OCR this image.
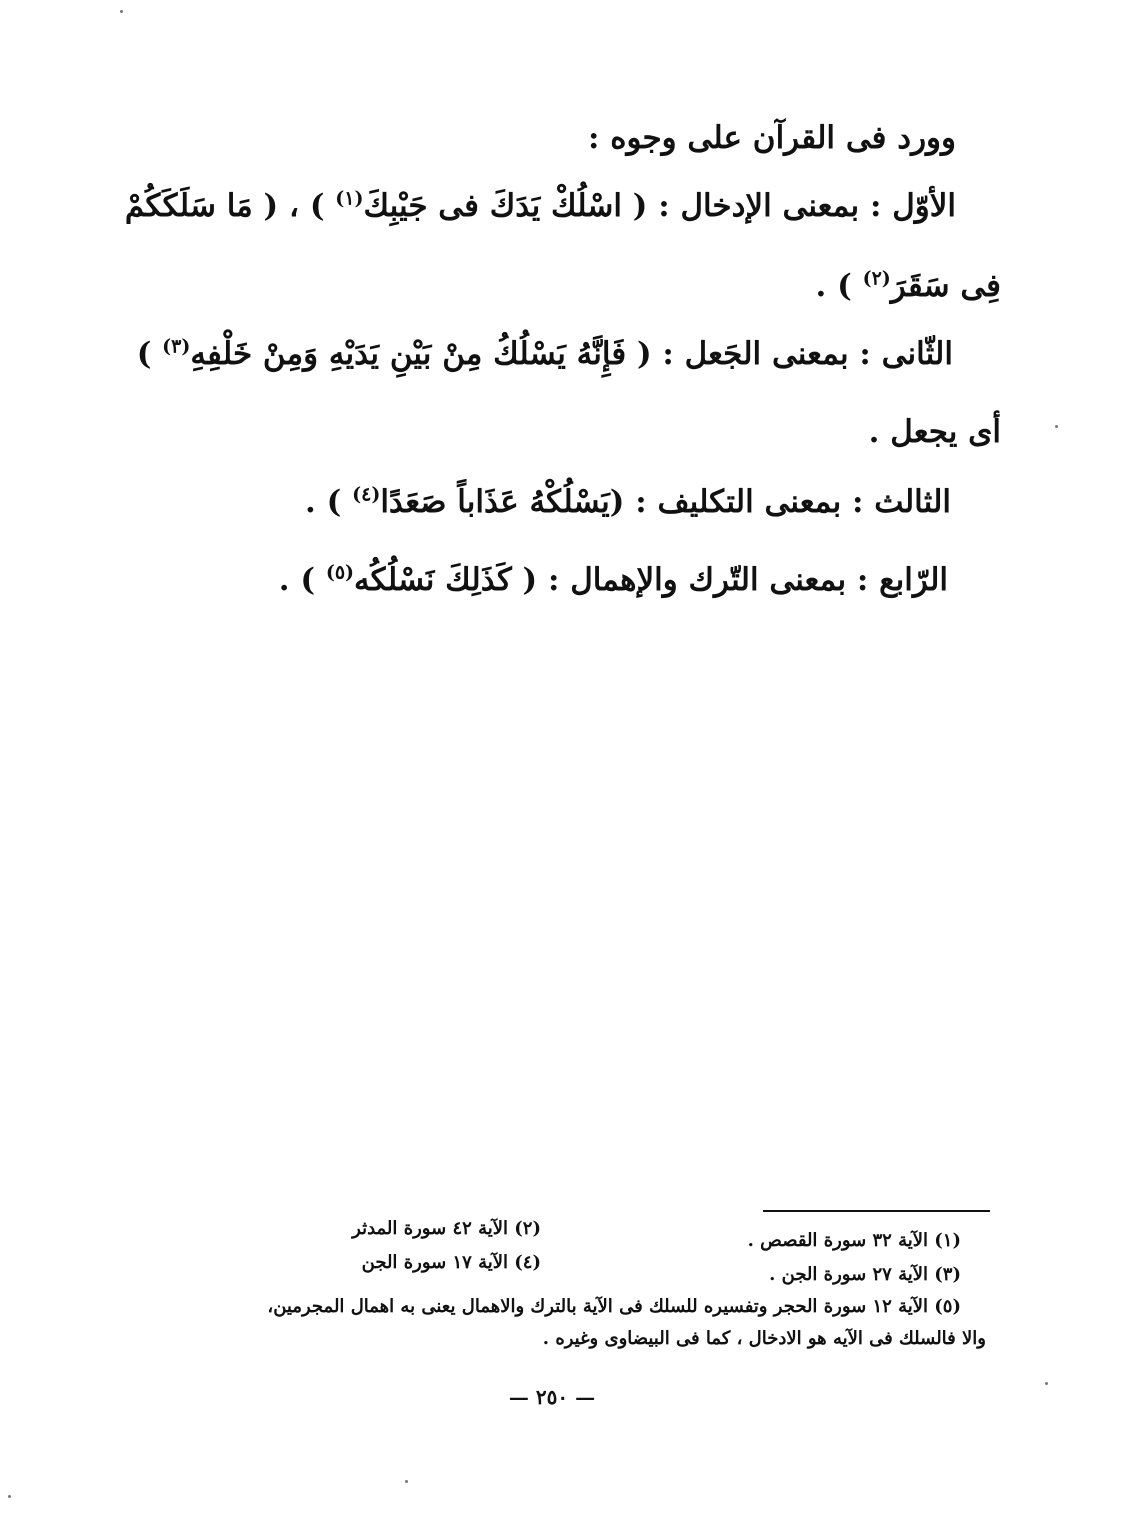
وورد فى القرآن على وجوه :
الأوّل : بمعنى الإدخال : ( اسْلُكْ يَدَكَ فى جَيْبِكَ$^{(١)}$ ) ، ( مَا سَلَكَكُمْ
فِى سَقَرَ$^{(٢)}$ ) .
الثّانى : بمعنى الجَعل : ( فَإِنَّهُ يَسْلُكُ مِنْ بَيْنِ يَدَيْهِ وَمِنْ خَلْفِهِ$^{(٣)}$ )
أى يجعل .
الثالث : بمعنى التكليف : (يَسْلُكْهُ عَذَاباً صَعَدًا$^{(٤)}$ ) .
الرّابع : بمعنى التّرك والإهمال : ( كَذَلِكَ نَسْلُكُه$^{(٥)}$ ) .
(١) الآية ٣٢ سورة القصص .
(٢) الآية ٤٢ سورة المدثر
(٣) الآية ٢٧ سورة الجن .
(٤) الآية ١٧ سورة الجن
(٥) الآية ١٢ سورة الحجر وتفسيره للسلك فى الآية بالترك والاهمال يعنى به اهمال المجرمين،
والا فالسلك فى الآيه هو الادخال ، كما فى البيضاوى وغيره .
— ٢٥٠ —
